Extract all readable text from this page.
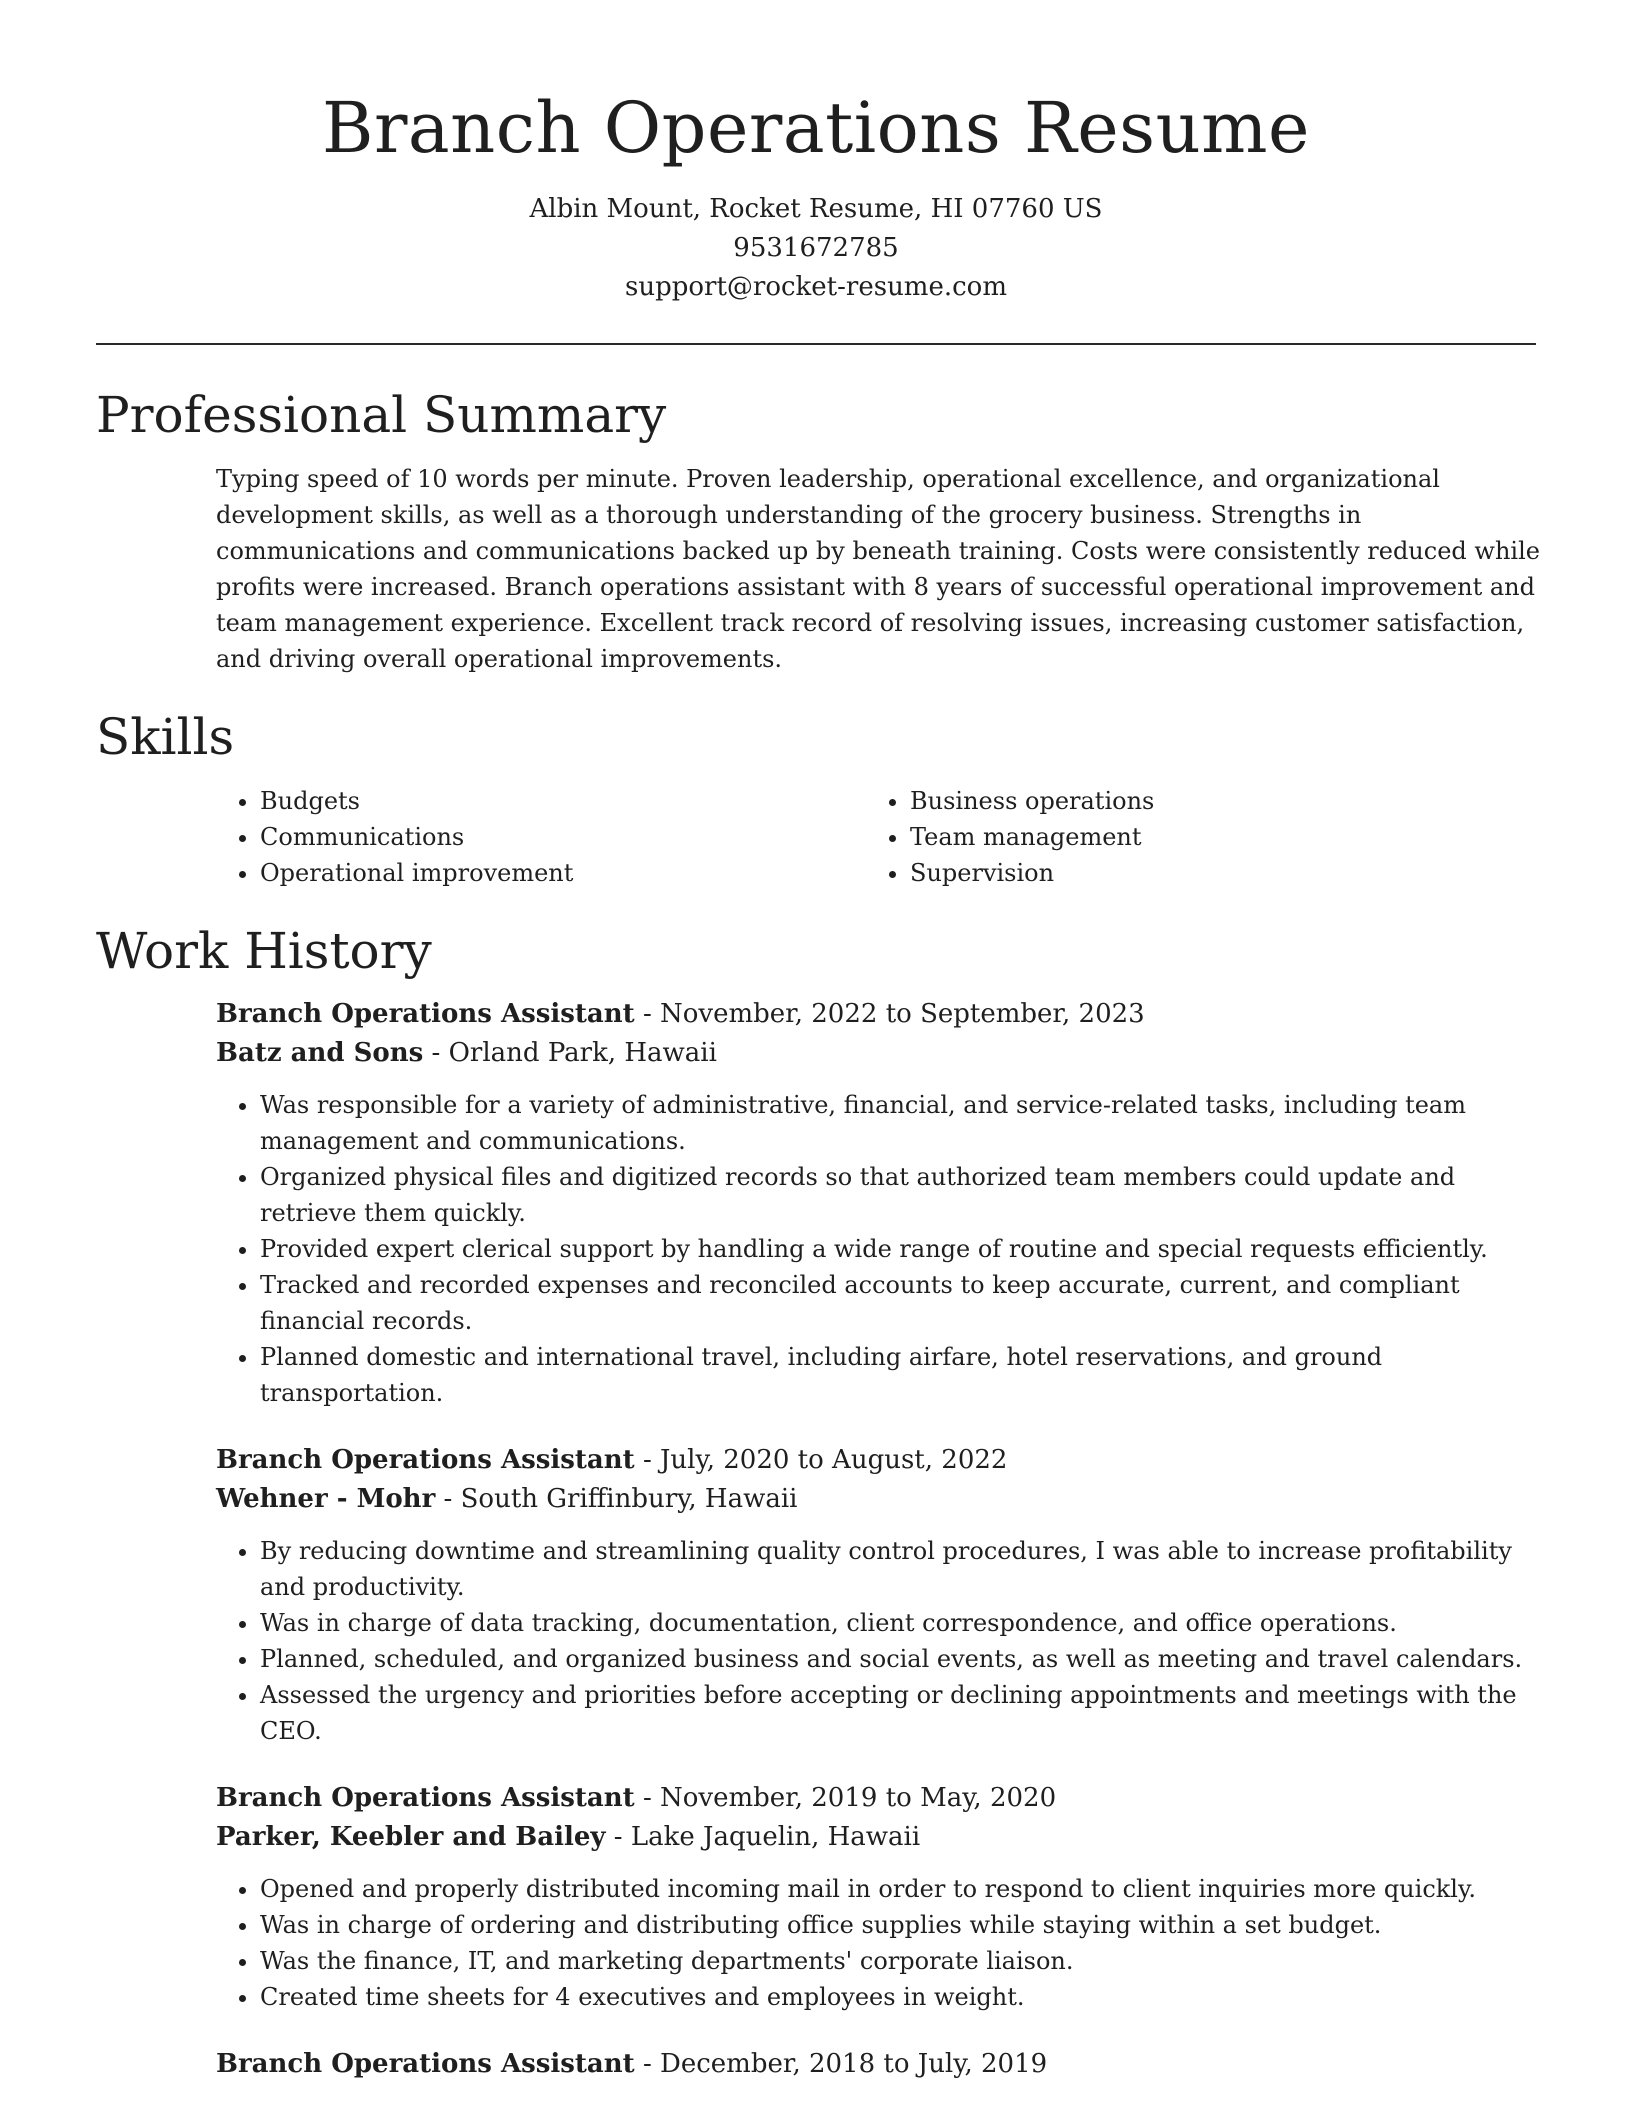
Branch Operations Resume
Albin Mount, Rocket Resume, HI 07760 US
9531672785
support@rocket-resume.com
Professional Summary

Typing speed of 10 words per minute. Proven leadership, operational excellence, and organizational development skills, as well as a thorough understanding of the grocery business. Strengths in communications and communications backed up by beneath training. Costs were consistently reduced while profits were increased. Branch operations assistant with 8 years of successful operational improvement and team management experience. Excellent track record of resolving issues, increasing customer satisfaction, and driving overall operational improvements.

Skills
• Budgets
• Communications
• Operational improvement
• Business operations
• Team management
• Supervision
Work History
Branch Operations Assistant - November, 2022 to September, 2023
Batz and Sons - Orland Park, Hawaii
• Was responsible for a variety of administrative, financial, and service-related tasks, including team management and communications.
• Organized physical files and digitized records so that authorized team members could update and retrieve them quickly.
• Provided expert clerical support by handling a wide range of routine and special requests efficiently.
• Tracked and recorded expenses and reconciled accounts to keep accurate, current, and compliant financial records.
• Planned domestic and international travel, including airfare, hotel reservations, and ground transportation.
Branch Operations Assistant - July, 2020 to August, 2022
Wehner - Mohr - South Griffinbury, Hawaii
• By reducing downtime and streamlining quality control procedures, I was able to increase profitability and productivity.
• Was in charge of data tracking, documentation, client correspondence, and office operations.
• Planned, scheduled, and organized business and social events, as well as meeting and travel calendars.
• Assessed the urgency and priorities before accepting or declining appointments and meetings with the CEO.
Branch Operations Assistant - November, 2019 to May, 2020
Parker, Keebler and Bailey - Lake Jaquelin, Hawaii
• Opened and properly distributed incoming mail in order to respond to client inquiries more quickly.
• Was in charge of ordering and distributing office supplies while staying within a set budget.
• Was the finance, IT, and marketing departments' corporate liaison.
• Created time sheets for 4 executives and employees in weight.
Branch Operations Assistant - December, 2018 to July, 2019
